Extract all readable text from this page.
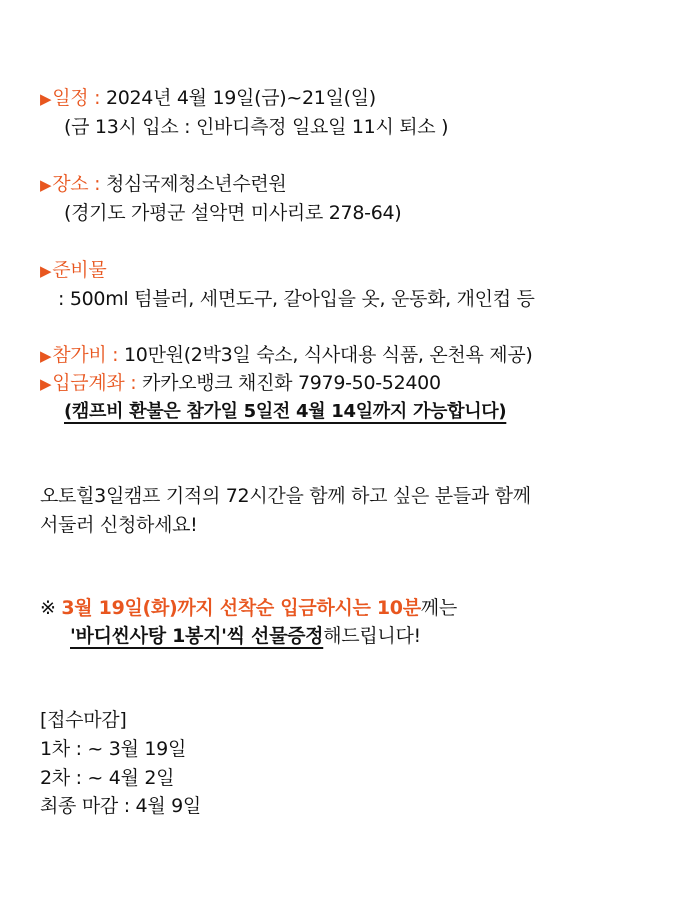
▶일정 : 2024년 4월 19일(금)~21일(일)
(금 13시 입소 : 인바디측정 일요일 11시 퇴소 )
▶장소 : 청심국제청소년수련원
(경기도 가평군 설악면 미사리로 278-64)
▶준비물
: 500ml 텀블러, 세면도구, 갈아입을 옷, 운동화, 개인컵 등
▶참가비 : 10만원(2박3일 숙소, 식사대용 식품, 온천욕 제공)
▶입금계좌 : 카카오뱅크 채진화 7979-50-52400
(캠프비 환불은 참가일 5일전 4월 14일까지 가능합니다)
오토힐3일캠프 기적의 72시간을 함께 하고 싶은 분들과 함께
서둘러 신청하세요!
※ 3월 19일(화)까지 선착순 입금하시는 10분께는
'바디씬사탕 1봉지'씩 선물증정해드립니다!
[접수마감]
1차 : ~ 3월 19일
2차 : ~ 4월 2일
최종 마감 : 4월 9일
